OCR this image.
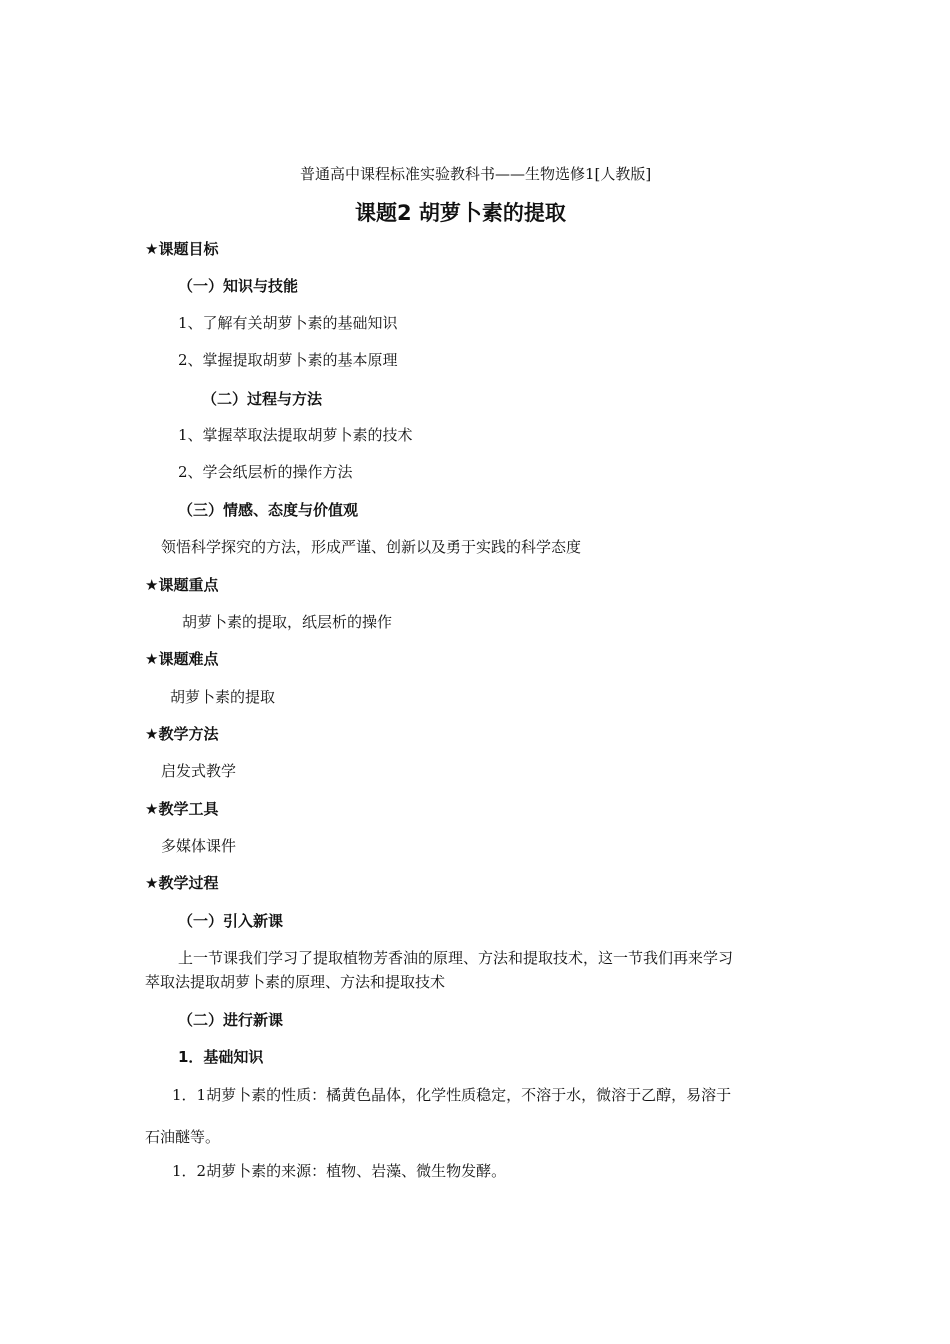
普通高中课程标准实验教科书——生物选修1[人教版]
课题2 胡萝卜素的提取
★课题目标
（一）知识与技能
1、了解有关胡萝卜素的基础知识
2、掌握提取胡萝卜素的基本原理
（二）过程与方法
1、掌握萃取法提取胡萝卜素的技术
2、学会纸层析的操作方法
（三）情感、态度与价值观
领悟科学探究的方法，形成严谨、创新以及勇于实践的科学态度
★课题重点
胡萝卜素的提取，纸层析的操作
★课题难点
胡萝卜素的提取
★教学方法
启发式教学
★教学工具
多媒体课件
★教学过程
（一）引入新课
上一节课我们学习了提取植物芳香油的原理、方法和提取技术，这一节我们再来学习
萃取法提取胡萝卜素的原理、方法和提取技术
（二）进行新课
1．基础知识
1．1胡萝卜素的性质：橘黄色晶体，化学性质稳定，不溶于水，微溶于乙醇，易溶于
石油醚等。
1．2胡萝卜素的来源：植物、岩藻、微生物发酵。
